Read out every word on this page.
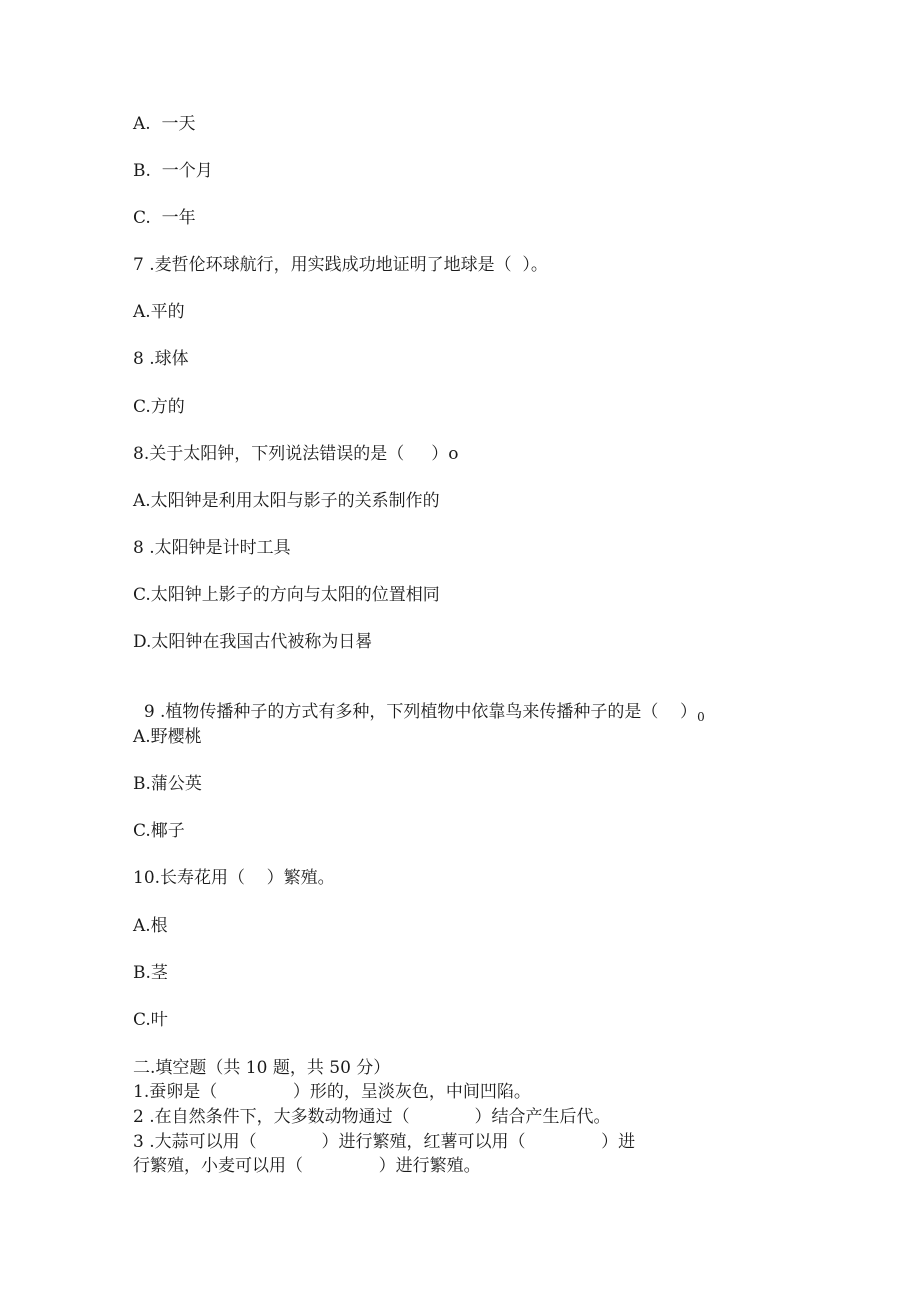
A.  一天
B.  一个月
C.  一年
7 .麦哲伦环球航行，用实践成功地证明了地球是（  ）。
A.平的
8 .球体
C.方的
8.关于太阳钟，下列说法错误的是（     ）o
A.太阳钟是利用太阳与影子的关系制作的
8 .太阳钟是计时工具
C.太阳钟上影子的方向与太阳的位置相同
D.太阳钟在我国古代被称为日晷

9 .植物传播种子的方式有多种，下列植物中依靠鸟来传播种子的是（    ）$_0$

A.野樱桃
B.蒲公英
C.椰子
10.长寿花用（    ）繁殖。
A.根
B.茎
C.叶
二.填空题（共 10 题，共 50 分）
1.蚕卵是（              ）形的，呈淡灰色，中间凹陷。
2 .在自然条件下，大多数动物通过（            ）结合产生后代。
3 .大蒜可以用（            ）进行繁殖，红薯可以用（              ）进
行繁殖，小麦可以用（              ）进行繁殖。
